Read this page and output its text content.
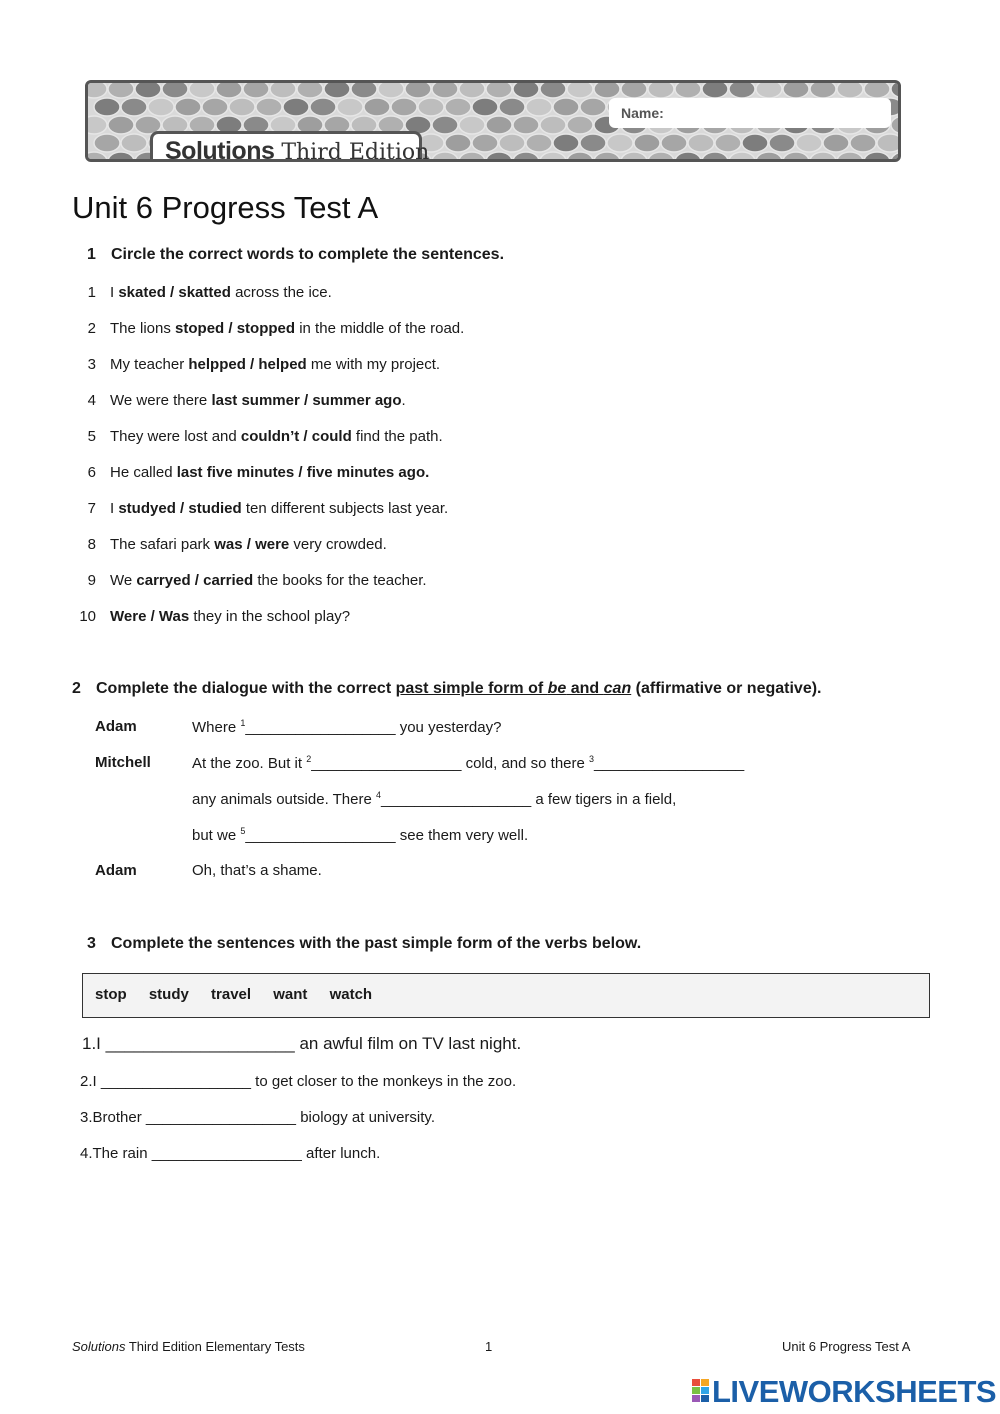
Name:
Solutions Third Edition
Unit 6 Progress Test A
1 Circle the correct words to complete the sentences.
1 I skated / skatted across the ice.
2 The lions stoped / stopped in the middle of the road.
3 My teacher helpped / helped me with my project.
4 We were there last summer / summer ago.
5 They were lost and couldn’t / could find the path.
6 He called last five minutes / five minutes ago.
7 I studyed / studied ten different subjects last year.
8 The safari park was / were very crowded.
9 We carryed / carried the books for the teacher.
10 Were / Was they in the school play?
2 Complete the dialogue with the correct past simple form of be and can (affirmative or negative).
Adam	Where $^1$__________________ you yesterday?
Mitchell	At the zoo. But it $^2$__________________ cold, and so there $^3$__________________
any animals outside. There $^4$__________________ a few tigers in a field,
but we $^5$__________________ see them very well.
Adam	Oh, that’s a shame.
3 Complete the sentences with the past simple form of the verbs below.
stop study travel want watch
1.I ____________________ an awful film on TV last night.
2.I __________________ to get closer to the monkeys in the zoo.
3.Brother __________________ biology at university.
4.The rain __________________ after lunch.
Solutions Third Edition Elementary Tests	1	Unit 6 Progress Test A
LIVEWORKSHEETS
